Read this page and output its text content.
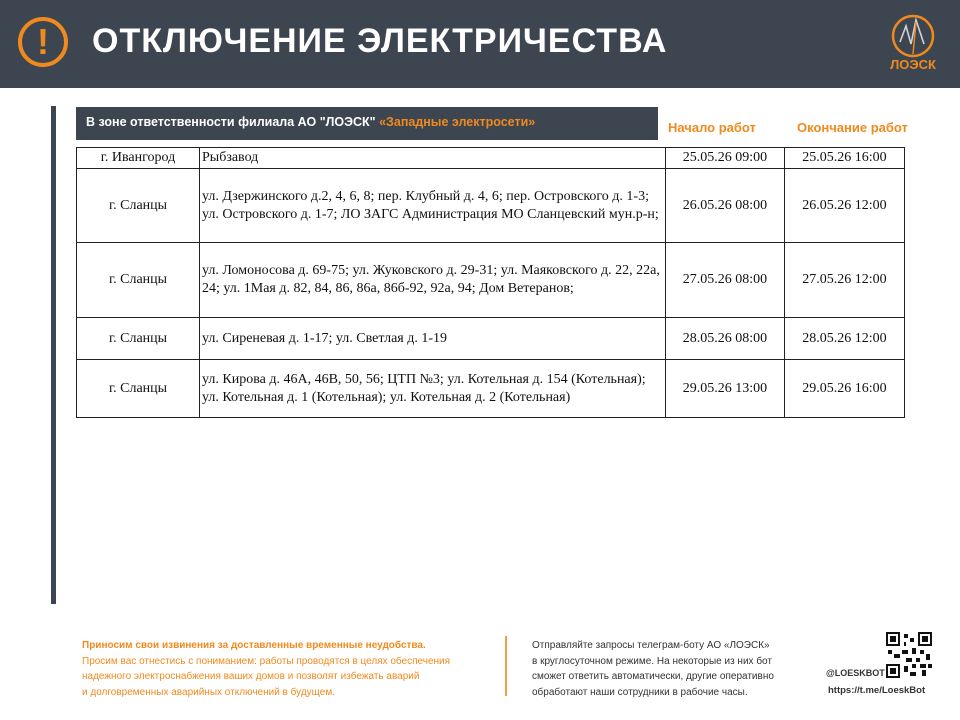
!	ОТКЛЮЧЕНИЕ ЭЛЕКТРИЧЕСТВА
ЛОЭСК
В зоне ответственности филиала АО "ЛОЭСК" «Западные электросети»	Начало работ	Окончание работ
г. Ивангород	Рыбзавод	25.05.26 09:00	25.05.26 16:00
г. Сланцы	ул. Дзержинского д.2, 4, 6, 8; пер. Клубный д. 4, 6; пер. Островского д. 1-3; ул. Островского д. 1-7; ЛО ЗАГС Администрация МО Сланцевский мун.р-н;	26.05.26 08:00	26.05.26 12:00
г. Сланцы	ул. Ломоносова д. 69-75; ул. Жуковского д. 29-31; ул. Маяковского д. 22, 22а, 24; ул. 1Мая д. 82, 84, 86, 86а, 86б-92, 92а, 94; Дом Ветеранов;	27.05.26 08:00	27.05.26 12:00
г. Сланцы	ул. Сиреневая д. 1-17; ул. Светлая д. 1-19	28.05.26 08:00	28.05.26 12:00
г. Сланцы	ул. Кирова д. 46А, 46В, 50, 56; ЦТП №3; ул. Котельная д. 154 (Котельная); ул. Котельная д. 1 (Котельная); ул. Котельная д. 2 (Котельная)	29.05.26 13:00	29.05.26 16:00
Приносим свои извинения за доставленные временные неудобства.
Просим вас отнестись с пониманием: работы проводятся в целях обеспечения
надежного электроснабжения ваших домов и позволят избежать аварий
и долговременных аварийных отключений в будущем.
Отправляйте запросы телеграм-боту АО «ЛОЭСК»
в круглосуточном режиме. На некоторые из них бот
сможет ответить автоматически, другие оперативно
обработают наши сотрудники в рабочие часы.
@LOESKBOT
https://t.me/LoeskBot
